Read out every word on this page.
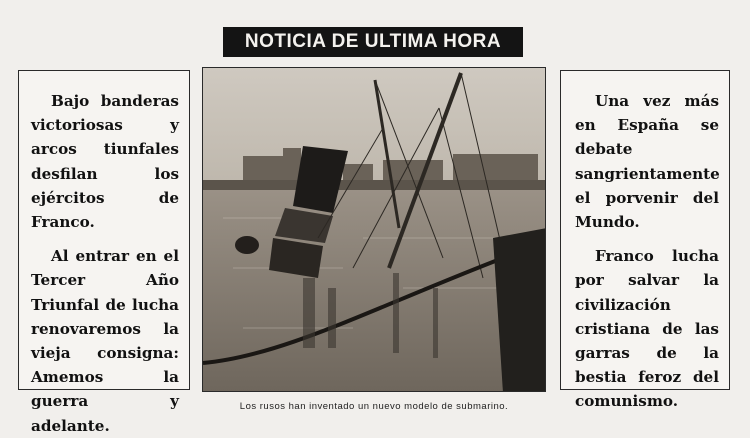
NOTICIA DE ULTIMA HORA

Bajo banderas victoriosas y arcos tiunfales desfilan los ejércitos de Franco.

Al entrar en el Tercer Año Triunfal de lucha renovaremos la vieja consigna: Amemos la guerra y adelante.

Una vez más en España se debate sangrientamente el porvenir del Mundo.

Franco lucha por salvar la civilización cristiana de las garras de la bestia feroz del comunismo.

Los rusos han inventado un nuevo modelo de submarino.
